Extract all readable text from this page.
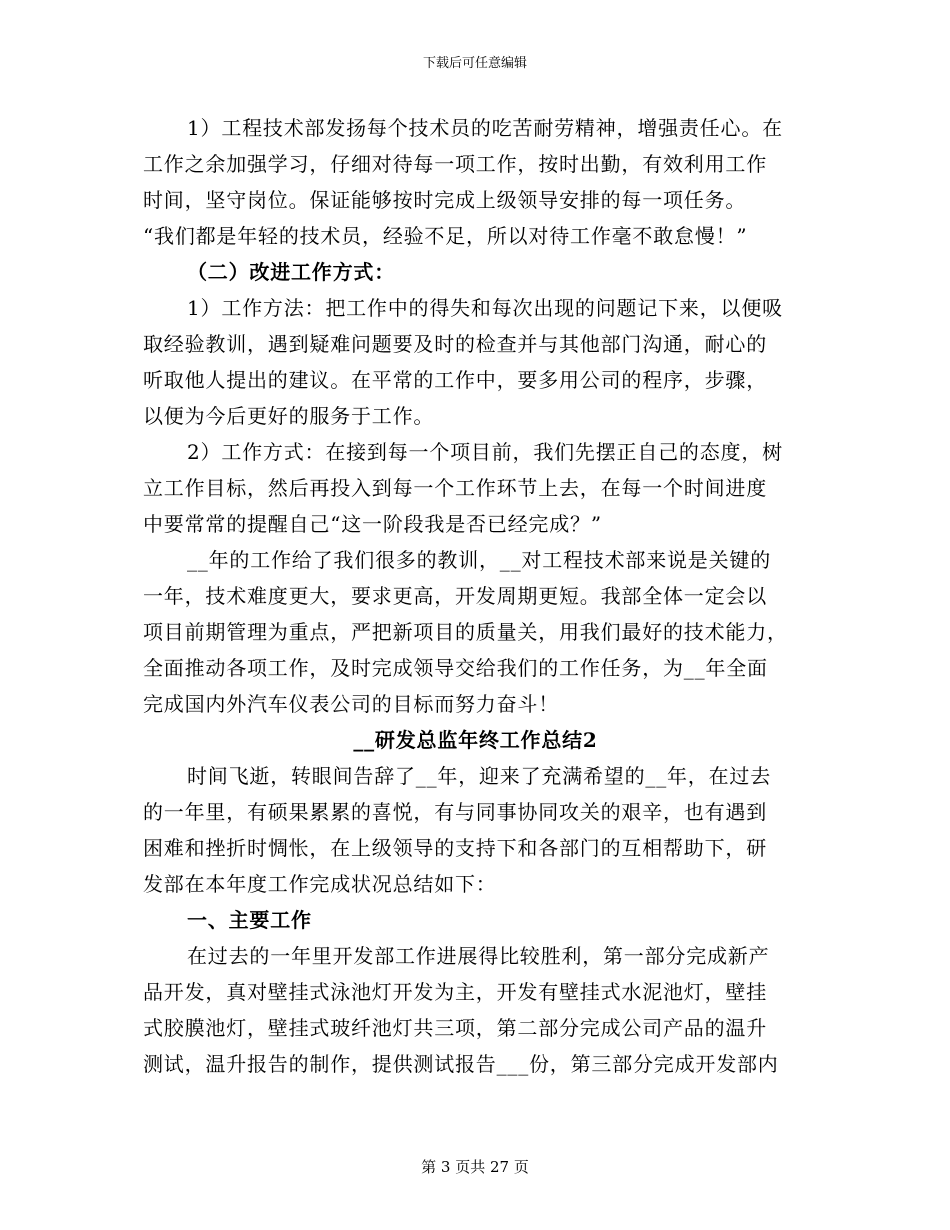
下载后可任意编辑
1）工程技术部发扬每个技术员的吃苦耐劳精神，增强责任心。在
工作之余加强学习，仔细对待每一项工作，按时出勤，有效利用工作
时间，坚守岗位。保证能够按时完成上级领导安排的每一项任务。
“我们都是年轻的技术员，经验不足，所以对待工作毫不敢怠慢！”
（二）改进工作方式：
1）工作方法：把工作中的得失和每次出现的问题记下来，以便吸
取经验教训，遇到疑难问题要及时的检查并与其他部门沟通，耐心的
听取他人提出的建议。在平常的工作中，要多用公司的程序，步骤，
以便为今后更好的服务于工作。
2）工作方式：在接到每一个项目前，我们先摆正自己的态度，树
立工作目标，然后再投入到每一个工作环节上去，在每一个时间进度
中要常常的提醒自己“这一阶段我是否已经完成？”
__年的工作给了我们很多的教训，__对工程技术部来说是关键的
一年，技术难度更大，要求更高，开发周期更短。我部全体一定会以
项目前期管理为重点，严把新项目的质量关，用我们最好的技术能力，
全面推动各项工作，及时完成领导交给我们的工作任务，为__年全面
完成国内外汽车仪表公司的目标而努力奋斗！
__研发总监年终工作总结2
时间飞逝，转眼间告辞了__年，迎来了充满希望的__年，在过去
的一年里，有硕果累累的喜悦，有与同事协同攻关的艰辛，也有遇到
困难和挫折时惆怅，在上级领导的支持下和各部门的互相帮助下，研
发部在本年度工作完成状况总结如下：
一、主要工作
在过去的一年里开发部工作进展得比较胜利，第一部分完成新产
品开发，真对壁挂式泳池灯开发为主，开发有壁挂式水泥池灯，壁挂
式胶膜池灯，壁挂式玻纤池灯共三项，第二部分完成公司产品的温升
测试，温升报告的制作，提供测试报告___份，第三部分完成开发部内
第 3 页共 27 页
